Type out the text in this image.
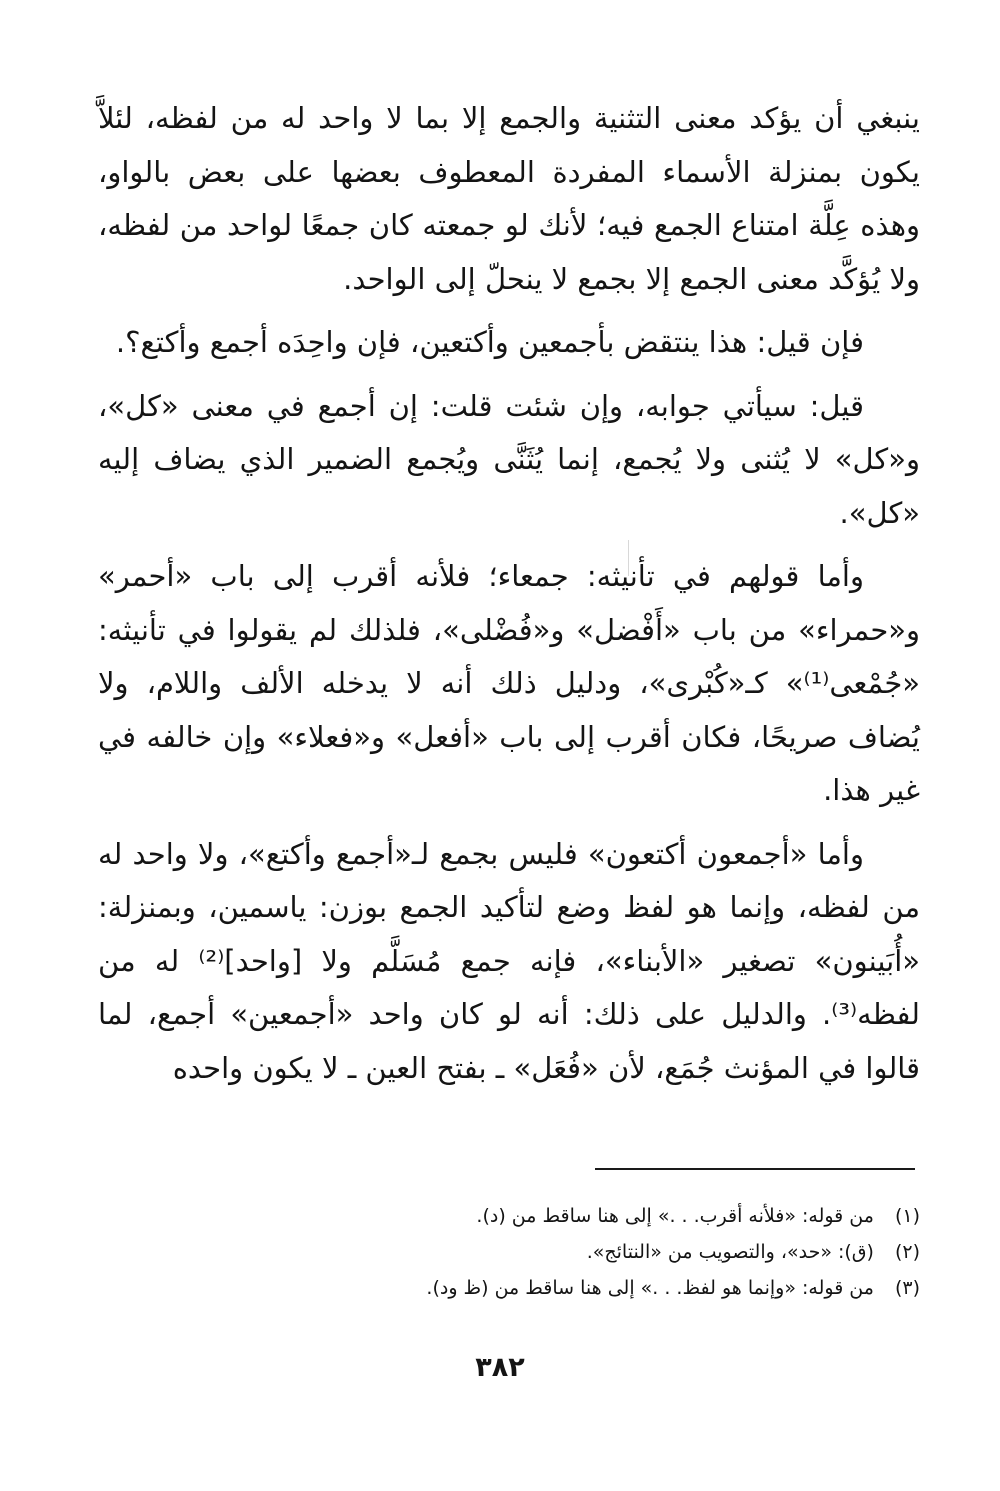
ينبغي أن يؤكد معنى التثنية والجمع إلا بما لا واحد له من لفظه، لئلاَّ يكون بمنزلة الأسماء المفردة المعطوف بعضها على بعض بالواو، وهذه عِلَّة امتناع الجمع فيه؛ لأنك لو جمعته كان جمعًا لواحد من لفظه، ولا يُؤكَّد معنى الجمع إلا بجمع لا ينحلّ إلى الواحد.

فإن قيل: هذا ينتقض بأجمعين وأكتعين، فإن واحِدَه أجمع وأكتع؟.

قيل: سيأتي جوابه، وإن شئت قلت: إن أجمع في معنى «كل»، و«كل» لا يُثنى ولا يُجمع، إنما يُثَنَّى ويُجمع الضمير الذي يضاف إليه «كل».

وأما قولهم في تأنيثه: جمعاء؛ فلأنه أقرب إلى باب «أحمر» و«حمراء» من باب «أَفْضل» و«فُضْلى»، فلذلك لم يقولوا في تأنيثه: «جُمْعى⁽¹⁾» كـ«كُبْرى»، ودليل ذلك أنه لا يدخله الألف واللام، ولا يُضاف صريحًا، فكان أقرب إلى باب «أفعل» و«فعلاء» وإن خالفه في غير هذا.

وأما «أجمعون أكتعون» فليس بجمع لـ«أجمع وأكتع»، ولا واحد له من لفظه، وإنما هو لفظ وضع لتأكيد الجمع بوزن: ياسمين، وبمنزلة: «أُبَينون» تصغير «الأبناء»، فإنه جمع مُسَلَّم ولا [واحد]⁽²⁾ له من لفظه⁽³⁾. والدليل على ذلك: أنه لو كان واحد «أجمعين» أجمع، لما قالوا في المؤنث جُمَع، لأن «فُعَل» ـ بفتح العين ـ لا يكون واحده

(١) من قوله: «فلأنه أقرب. . .» إلى هنا ساقط من (د).
(٢) (ق): «حد»، والتصويب من «النتائج».
(٣) من قوله: «وإنما هو لفظ. . .» إلى هنا ساقط من (ظ ود).
٣٨٢
